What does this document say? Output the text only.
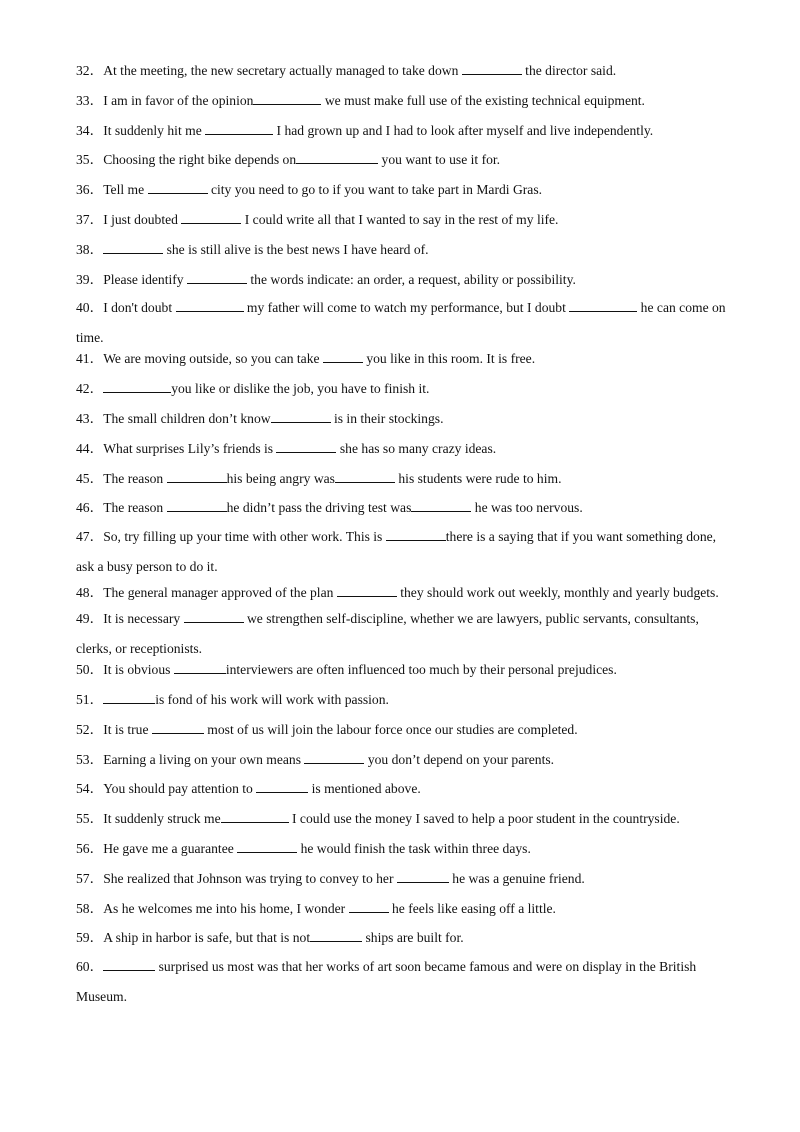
32．At the meeting, the new secretary actually managed to take down	the director said.

33．I am in favor of the opinion	we must make full use of the existing technical equipment.

34．It suddenly hit me	I had grown up and I had to look after myself and live independently.

35．Choosing the right bike depends on	you want to use it for.

36．Tell me	city you need to go to if you want to take part in Mardi Gras.

37．I just doubted	I could write all that I wanted to say in the rest of my life.

38．	she is still alive is the best news I have heard of.

39．Please identify	the words indicate: an order, a request, ability or possibility.

40．I don't doubt	my father will come to watch my performance, but I doubt	he can come on time.

41．We are moving outside, so you can take	you like in this room. It is free.

42．	you like or dislike the job, you have to finish it.

43．The small children don’t know	is in their stockings.

44．What surprises Lily’s friends is	she has so many crazy ideas.

45．The reason	his being angry was	his students were rude to him.

46．The reason	he didn’t pass the driving test was	he was too nervous.

47．So, try filling up your time with other work. This is	there is a saying that if you want something done, ask a busy person to do it.

48．The general manager approved of the plan	they should work out weekly, monthly and yearly budgets.

49．It is necessary	we strengthen self-discipline, whether we are lawyers, public servants, consultants, clerks, or receptionists.

50．It is obvious	interviewers are often influenced too much by their personal prejudices.

51．	is fond of his work will work with passion.

52．It is true	most of us will join the labour force once our studies are completed.

53．Earning a living on your own means	you don’t depend on your parents.

54．You should pay attention to	is mentioned above.

55．It suddenly struck me	I could use the money I saved to help a poor student in the countryside.

56．He gave me a guarantee	he would finish the task within three days.

57．She realized that Johnson was trying to convey to her	he was a genuine friend.

58．As he welcomes me into his home, I wonder	he feels like easing off a little.

59．A ship in harbor is safe, but that is not	ships are built for.

60．	surprised us most was that her works of art soon became famous and were on display in the British Museum.
